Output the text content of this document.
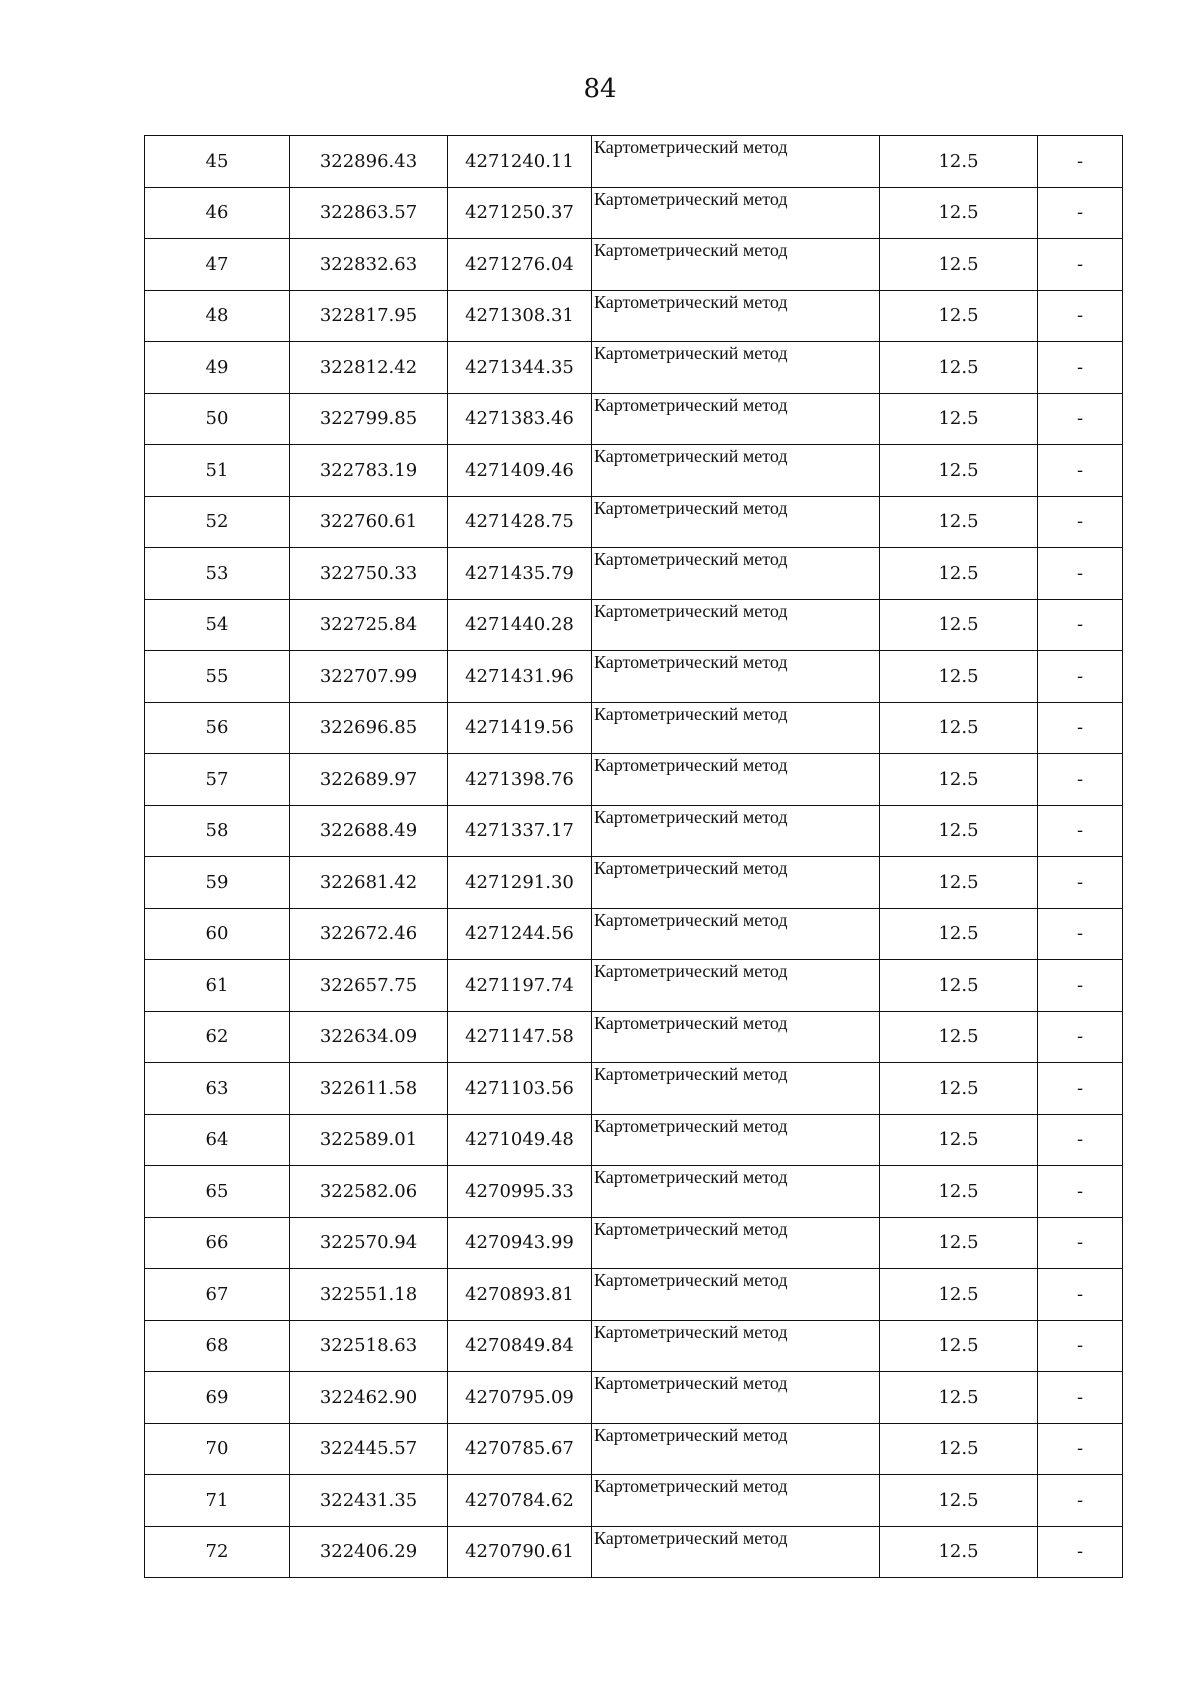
84
45	322896.43	4271240.11	Картометрический метод	12.5	-
46	322863.57	4271250.37	Картометрический метод	12.5	-
47	322832.63	4271276.04	Картометрический метод	12.5	-
48	322817.95	4271308.31	Картометрический метод	12.5	-
49	322812.42	4271344.35	Картометрический метод	12.5	-
50	322799.85	4271383.46	Картометрический метод	12.5	-
51	322783.19	4271409.46	Картометрический метод	12.5	-
52	322760.61	4271428.75	Картометрический метод	12.5	-
53	322750.33	4271435.79	Картометрический метод	12.5	-
54	322725.84	4271440.28	Картометрический метод	12.5	-
55	322707.99	4271431.96	Картометрический метод	12.5	-
56	322696.85	4271419.56	Картометрический метод	12.5	-
57	322689.97	4271398.76	Картометрический метод	12.5	-
58	322688.49	4271337.17	Картометрический метод	12.5	-
59	322681.42	4271291.30	Картометрический метод	12.5	-
60	322672.46	4271244.56	Картометрический метод	12.5	-
61	322657.75	4271197.74	Картометрический метод	12.5	-
62	322634.09	4271147.58	Картометрический метод	12.5	-
63	322611.58	4271103.56	Картометрический метод	12.5	-
64	322589.01	4271049.48	Картометрический метод	12.5	-
65	322582.06	4270995.33	Картометрический метод	12.5	-
66	322570.94	4270943.99	Картометрический метод	12.5	-
67	322551.18	4270893.81	Картометрический метод	12.5	-
68	322518.63	4270849.84	Картометрический метод	12.5	-
69	322462.90	4270795.09	Картометрический метод	12.5	-
70	322445.57	4270785.67	Картометрический метод	12.5	-
71	322431.35	4270784.62	Картометрический метод	12.5	-
72	322406.29	4270790.61	Картометрический метод	12.5	-
